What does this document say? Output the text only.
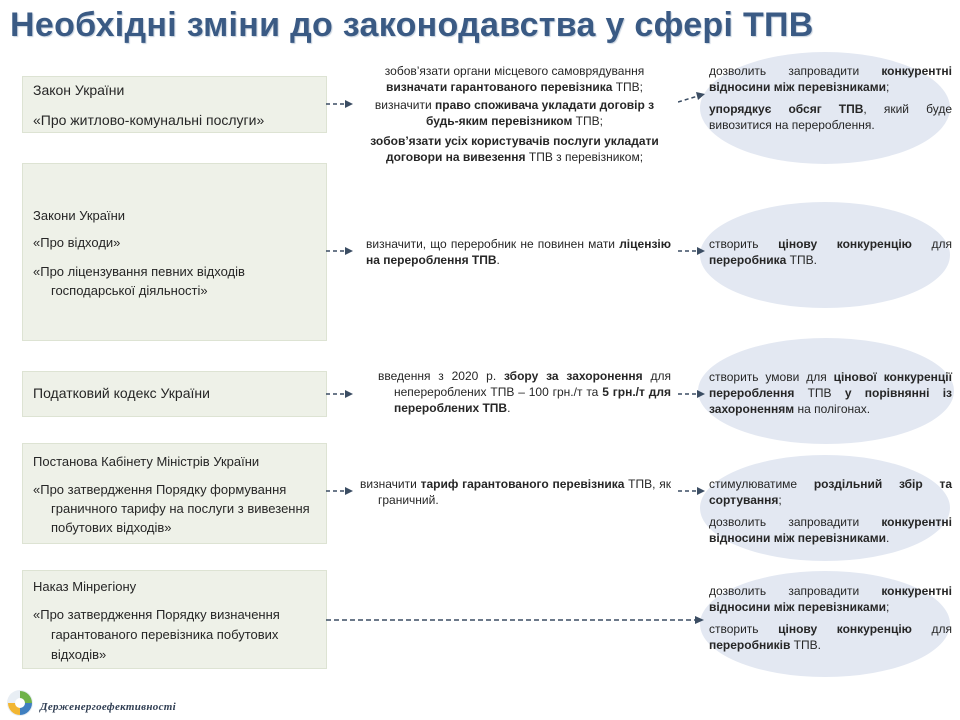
Необхідні зміни до законодавства у сфері ТПВ
Закон України
«Про житлово-комунальні послуги»
зобов’язати органи місцевого самоврядування визначати гарантованого перевізника ТПВ;
визначити право споживача укладати договір з будь-яким перевізником ТПВ;
зобов’язати усіх користувачів послуги укладати договори на вивезення ТПВ з перевізником;
дозволить запровадити конкурентні відносини між перевізниками;
упорядкує обсяг ТПВ, який буде вивозитися на перероблення.
Закони України
«Про відходи»
«Про ліцензування певних відходів господарської діяльності»
визначити, що переробник не повинен мати ліцензію на перероблення ТПВ.
створить цінову конкуренцію для переробника ТПВ.
Податковий кодекс України
введення з 2020 р. збору за захоронення для неперероблених ТПВ – 100 грн./т та 5 грн./т для перероблених ТПВ.
створить умови для цінової конкуренції перероблення ТПВ у порівнянні із захороненням на полігонах.
Постанова Кабінету Міністрів України
«Про затвердження Порядку формування граничного тарифу на послуги з вивезення побутових відходів»
визначити тариф гарантованого перевізника ТПВ, як граничний.
стимулюватиме роздільний збір та сортування;
дозволить запровадити конкурентні відносини між перевізниками.
Наказ Мінрегіону
«Про затвердження Порядку визначення гарантованого перевізника побутових відходів»
дозволить запровадити конкурентні відносини між перевізниками;
створить цінову конкуренцію для переробників ТПВ.
Держенергоефективності
